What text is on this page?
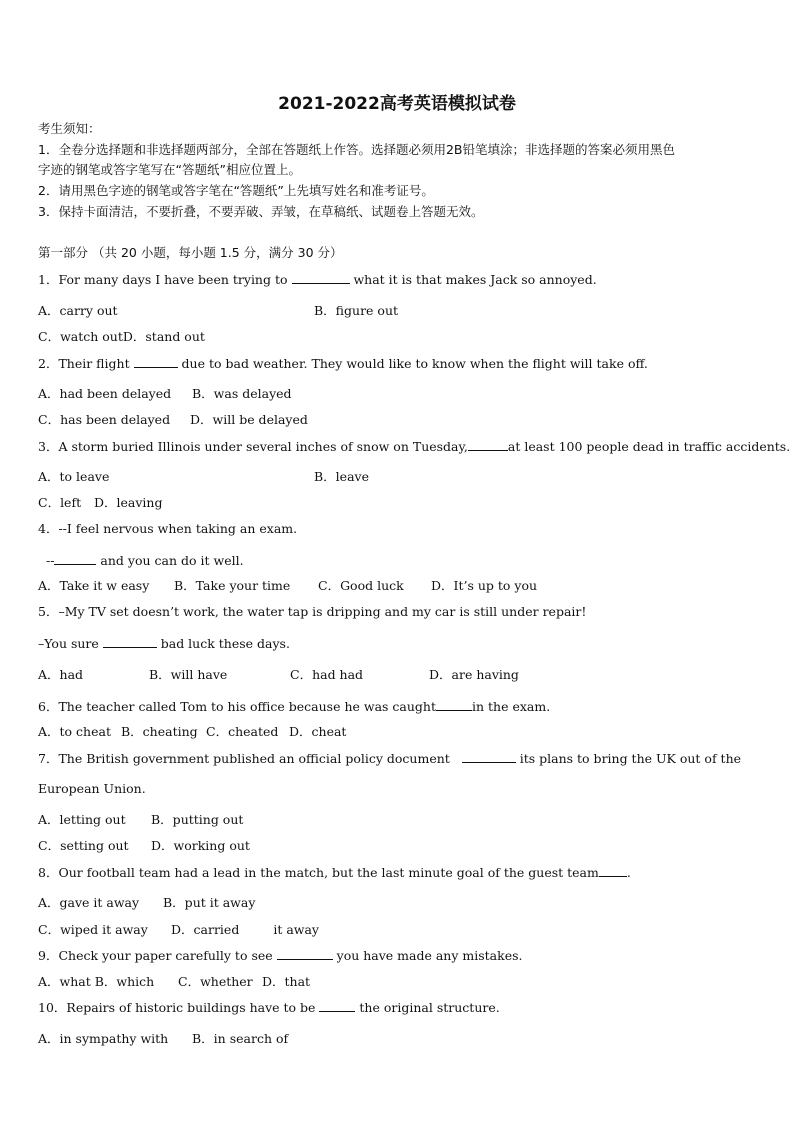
2021-2022高考英语模拟试卷
考生须知：
1．全卷分选择题和非选择题两部分，全部在答题纸上作答。选择题必须用2B铅笔填涂；非选择题的答案必须用黑色
字迹的钢笔或答字笔写在“答题纸”相应位置上。
2．请用黑色字迹的钢笔或答字笔在“答题纸”上先填写姓名和准考证号。
3．保持卡面清洁，不要折叠，不要弄破、弄皱，在草稿纸、试题卷上答题无效。
第一部分 （共 20 小题，每小题 1.5 分，满分 30 分）
1．For many days I have been trying to	what it is that makes Jack so annoyed.
A．carry out	B．figure out
C．watch outD．stand out
2．Their flight	due to bad weather. They would like to know when the flight will take off.
A．had been delayed B．was delayed
C．has been delayed D．will be delayed
3．A storm buried Illinois under several inches of snow on Tuesday,	at least 100 people dead in traffic accidents.
A．to leave	B．leave
C．left D．leaving
4．--I feel nervous when taking an exam.
--	and you can do it well.
A．Take it w easy B．Take your time C．Good luck D．It’s up to you
5．–My TV set doesn’t work, the water tap is dripping and my car is still under repair!
–You sure	bad luck these days.
A．had	B．will have	C．had had	D．are having
6．The teacher called Tom to his office because he was caught	in the exam.
A．to cheat B．cheating C．cheated D．cheat
7．The British government published an official policy document	its plans to bring the UK out of the
European Union.
A．letting out B．putting out
C．setting out D．working out
8．Our football team had a lead in the match, but the last minute goal of the guest team .
A．gave it away B．put it away
C．wiped it away D．carried	it away
9．Check your paper carefully to see	you have made any mistakes.
A．what B．which C．whether D．that
10．Repairs of historic buildings have to be	the original structure.
A．in sympathy with B．in search of
